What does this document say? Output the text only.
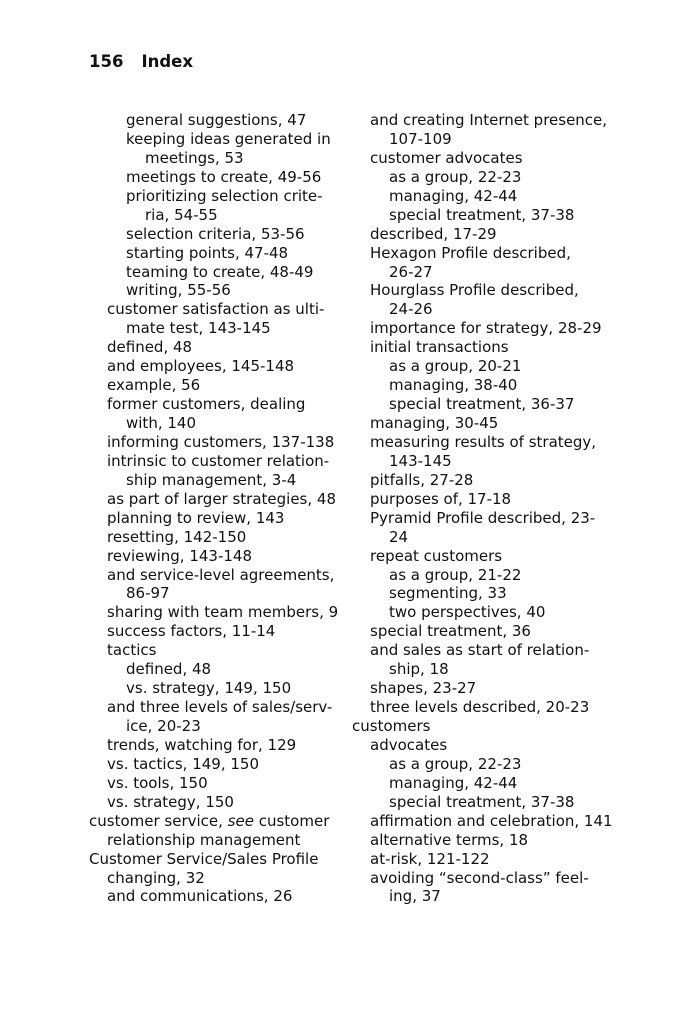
156 Index
general suggestions, 47
keeping ideas generated in
meetings, 53
meetings to create, 49-56
prioritizing selection crite-
ria, 54-55
selection criteria, 53-56
starting points, 47-48
teaming to create, 48-49
writing, 55-56
customer satisfaction as ulti-
mate test, 143-145
defined, 48
and employees, 145-148
example, 56
former customers, dealing
with, 140
informing customers, 137-138
intrinsic to customer relation-
ship management, 3-4
as part of larger strategies, 48
planning to review, 143
resetting, 142-150
reviewing, 143-148
and service-level agreements,
86-97
sharing with team members, 9
success factors, 11-14
tactics
defined, 48
vs. strategy, 149, 150
and three levels of sales/serv-
ice, 20-23
trends, watching for, 129
vs. tactics, 149, 150
vs. tools, 150
vs. strategy, 150
customer service, see customer
relationship management
Customer Service/Sales Profile
changing, 32
and communications, 26
and creating Internet presence,
107-109
customer advocates
as a group, 22-23
managing, 42-44
special treatment, 37-38
described, 17-29
Hexagon Profile described,
26-27
Hourglass Profile described,
24-26
importance for strategy, 28-29
initial transactions
as a group, 20-21
managing, 38-40
special treatment, 36-37
managing, 30-45
measuring results of strategy,
143-145
pitfalls, 27-28
purposes of, 17-18
Pyramid Profile described, 23-
24
repeat customers
as a group, 21-22
segmenting, 33
two perspectives, 40
special treatment, 36
and sales as start of relation-
ship, 18
shapes, 23-27
three levels described, 20-23
customers
advocates
as a group, 22-23
managing, 42-44
special treatment, 37-38
affirmation and celebration, 141
alternative terms, 18
at-risk, 121-122
avoiding “second-class” feel-
ing, 37
